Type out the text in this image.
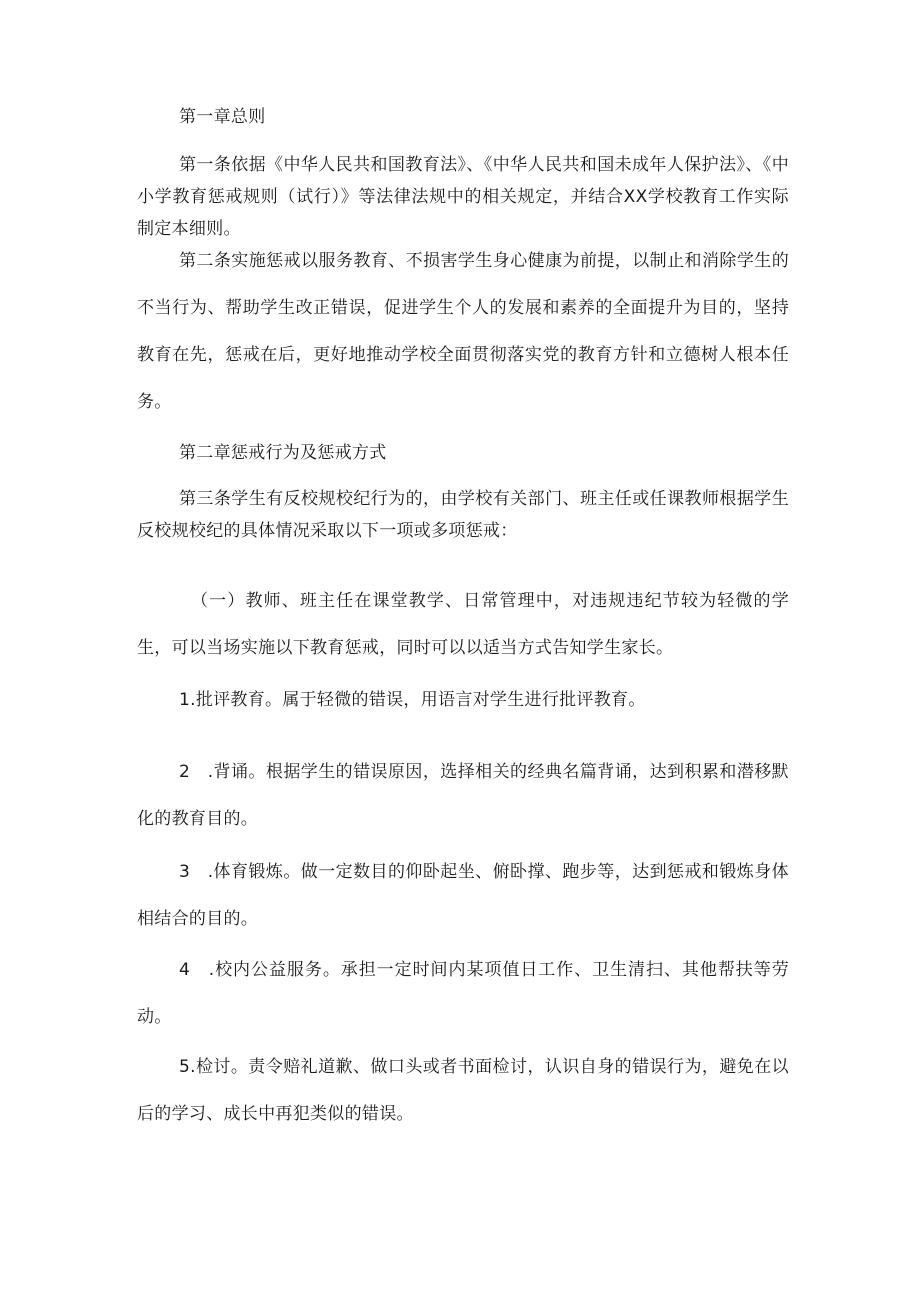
第一章总则

第一条依据《中华人民共和国教育法》、《中华人民共和国未成年人保护法》、《中小学教育惩戒规则（试行）》等法律法规中的相关规定，并结合XX学校教育工作实际制定本细则。

第二条实施惩戒以服务教育、不损害学生身心健康为前提，以制止和消除学生的不当行为、帮助学生改正错误，促进学生个人的发展和素养的全面提升为目的，坚持教育在先，惩戒在后，更好地推动学校全面贯彻落实党的教育方针和立德树人根本任务。

第二章惩戒行为及惩戒方式

第三条学生有反校规校纪行为的，由学校有关部门、班主任或任课教师根据学生反校规校纪的具体情况采取以下一项或多项惩戒：

（一）教师、班主任在课堂教学、日常管理中，对违规违纪节较为轻微的学生，可以当场实施以下教育惩戒，同时可以以适当方式告知学生家长。

1.批评教育。属于轻微的错误，用语言对学生进行批评教育。

2　.背诵。根据学生的错误原因，选择相关的经典名篇背诵，达到积累和潜移默化的教育目的。

3　.体育锻炼。做一定数目的仰卧起坐、俯卧撑、跑步等，达到惩戒和锻炼身体相结合的目的。

4　.校内公益服务。承担一定时间内某项值日工作、卫生清扫、其他帮扶等劳动。

5.检讨。责令赔礼道歉、做口头或者书面检讨，认识自身的错误行为，避免在以后的学习、成长中再犯类似的错误。
